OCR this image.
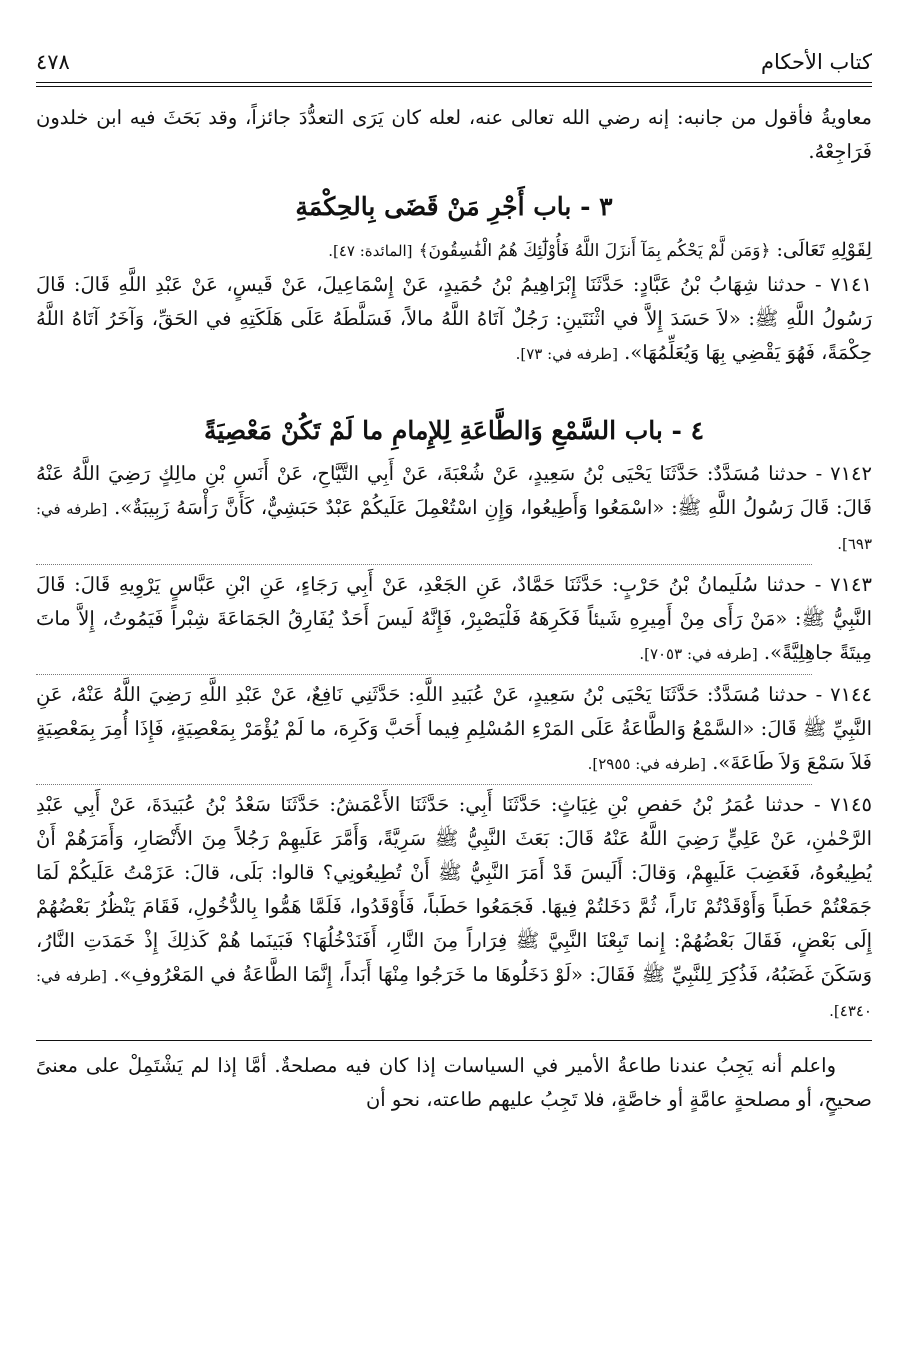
كتاب الأحكام
٤٧٨

معاويةُ فأقول من جانبه: إنه رضي الله تعالى عنه، لعله كان يَرَى التعدُّدَ جائزاً، وقد بَحَثَ فيه ابن خلدون فَرَاجِعْهُ.

٣ - باب أَجْرِ مَنْ قَضَى بِالحِكْمَةِ

لِقَوْلِهِ تَعَالَى: ﴿وَمَن لَّمْ يَحْكُم بِمَآ أَنزَلَ اللَّهُ فَأُوْلَٰٓئِكَ هُمُ الْفَٰسِقُونَ﴾ [المائدة: ٤٧].

٧١٤١ - حدثنا شِهَابُ بْنُ عَبَّادٍ: حَدَّثَنَا إِبْرَاهِيمُ بْنُ حُمَيدٍ، عَنْ إِسْمَاعِيلَ، عَنْ قَيسٍ، عَنْ عَبْدِ اللَّهِ قَالَ: قَالَ رَسُولُ اللَّهِ ﷺ: «لاَ حَسَدَ إِلاَّ في اثْنَتَينِ: رَجُلٌ آتَاهُ اللَّهُ مالاً، فَسَلَّطَهُ عَلَى هَلَكَتِهِ في الحَقِّ، وَآخَرُ آتَاهُ اللَّهُ حِكْمَةً، فَهُوَ يَقْضِي بِهَا وَيُعَلِّمُهَا». [طرفه في: ٧٣].

٤ - باب السَّمْعِ وَالطَّاعَةِ لِلإِمامِ ما لَمْ تَكُنْ مَعْصِيَةً

٧١٤٢ - حدثنا مُسَدَّدٌ: حَدَّثَنَا يَحْيَى بْنُ سَعِيدٍ، عَنْ شُعْبَةَ، عَنْ أَبِي التَّيَّاحِ، عَنْ أَنَسِ بْنِ مالِكٍ رَضِيَ اللَّهُ عَنْهُ قَالَ: قَالَ رَسُولُ اللَّهِ ﷺ: «اسْمَعُوا وَأَطِيعُوا، وَإِنِ اسْتُعْمِلَ عَلَيكُمْ عَبْدٌ حَبَشِيٌّ، كَأَنَّ رَأْسَهُ زَبِيبَةٌ». [طرفه في: ٦٩٣].

٧١٤٣ - حدثنا سُلَيمانُ بْنُ حَرْبٍ: حَدَّثَنَا حَمَّادٌ، عَنِ الجَعْدِ، عَنْ أَبِي رَجَاءٍ، عَنِ ابْنِ عَبَّاسٍ يَرْوِيهِ قَالَ: قَالَ النَّبِيُّ ﷺ: «مَنْ رَأَى مِنْ أَمِيرِهِ شَيئاً فَكَرِهَهُ فَلْيَصْبِرْ، فَإِنَّهُ لَيسَ أَحَدٌ يُفَارِقُ الجَمَاعَةَ شِبْراً فَيَمُوتُ، إِلاَّ ماتَ مِيتَةً جاهِلِيَّةً». [طرفه في: ٧٠٥٣].

٧١٤٤ - حدثنا مُسَدَّدٌ: حَدَّثَنَا يَحْيَى بْنُ سَعِيدٍ، عَنْ عُبَيدِ اللَّهِ: حَدَّثَنِي نَافِعٌ، عَنْ عَبْدِ اللَّهِ رَضِيَ اللَّهُ عَنْهُ، عَنِ النَّبِيِّ ﷺ قَالَ: «السَّمْعُ وَالطَّاعَةُ عَلَى المَرْءِ المُسْلِمِ فِيما أَحَبَّ وَكَرِهَ، ما لَمْ يُؤْمَرْ بِمَعْصِيَةٍ، فَإِذَا أُمِرَ بِمَعْصِيَةٍ فَلاَ سَمْعَ وَلاَ طَاعَةَ». [طرفه في: ٢٩٥٥].

٧١٤٥ - حدثنا عُمَرُ بْنُ حَفصِ بْنِ غِيَاثٍ: حَدَّثَنَا أَبِي: حَدَّثَنَا الأَعْمَشُ: حَدَّثَنَا سَعْدُ بْنُ عُبَيدَةَ، عَنْ أَبِي عَبْدِ الرَّحْمٰنِ، عَنْ عَلِيٍّ رَضِيَ اللَّهُ عَنْهُ قَالَ: بَعَثَ النَّبِيُّ ﷺ سَرِيَّةً، وَأَمَّرَ عَلَيهِمْ رَجُلاً مِنَ الأَنْصَارِ، وَأَمَرَهُمْ أَنْ يُطِيعُوهُ، فَغَضِبَ عَلَيهِمْ، وَقالَ: أَلَيسَ قَدْ أَمَرَ النَّبِيُّ ﷺ أَنْ تُطِيعُونِي؟ قالوا: بَلَى، قالَ: عَزَمْتُ عَلَيكُمْ لَمَا جَمَعْتُمْ حَطَباً وَأَوْقَدْتُمْ نَاراً، ثُمَّ دَخَلتُمْ فِيهَا. فَجَمَعُوا حَطَباً، فَأَوْقَدُوا، فَلَمَّا هَمُّوا بِالدُّخُولِ، فَقَامَ يَنْظُرُ بَعْضُهُمْ إِلَى بَعْضٍ، فَقَالَ بَعْضُهُمْ: إِنما تَبِعْنَا النَّبِيَّ ﷺ فِرَاراً مِنَ النَّارِ، أَفَنَدْخُلُهَا؟ فَبَينَما هُمْ كَذلِكَ إِذْ خَمَدَتِ النَّارُ، وَسَكَنَ غَضَبُهُ، فَذُكِرَ لِلنَّبِيِّ ﷺ فَقَالَ: «لَوْ دَخَلُوهَا ما خَرَجُوا مِنْهَا أَبَداً، إِنَّمَا الطَّاعَةُ في المَعْرُوفِ». [طرفه في: ٤٣٤٠].

واعلم أنه يَجِبُ عندنا طاعةُ الأمير في السياسات إذا كان فيه مصلحةٌ. أمَّا إذا لم يَشْتَمِلْ على معنىً صحيحٍ، أو مصلحةٍ عامَّةٍ أو خاصَّةٍ، فلا تَجِبُ عليهم طاعته، نحو أن
